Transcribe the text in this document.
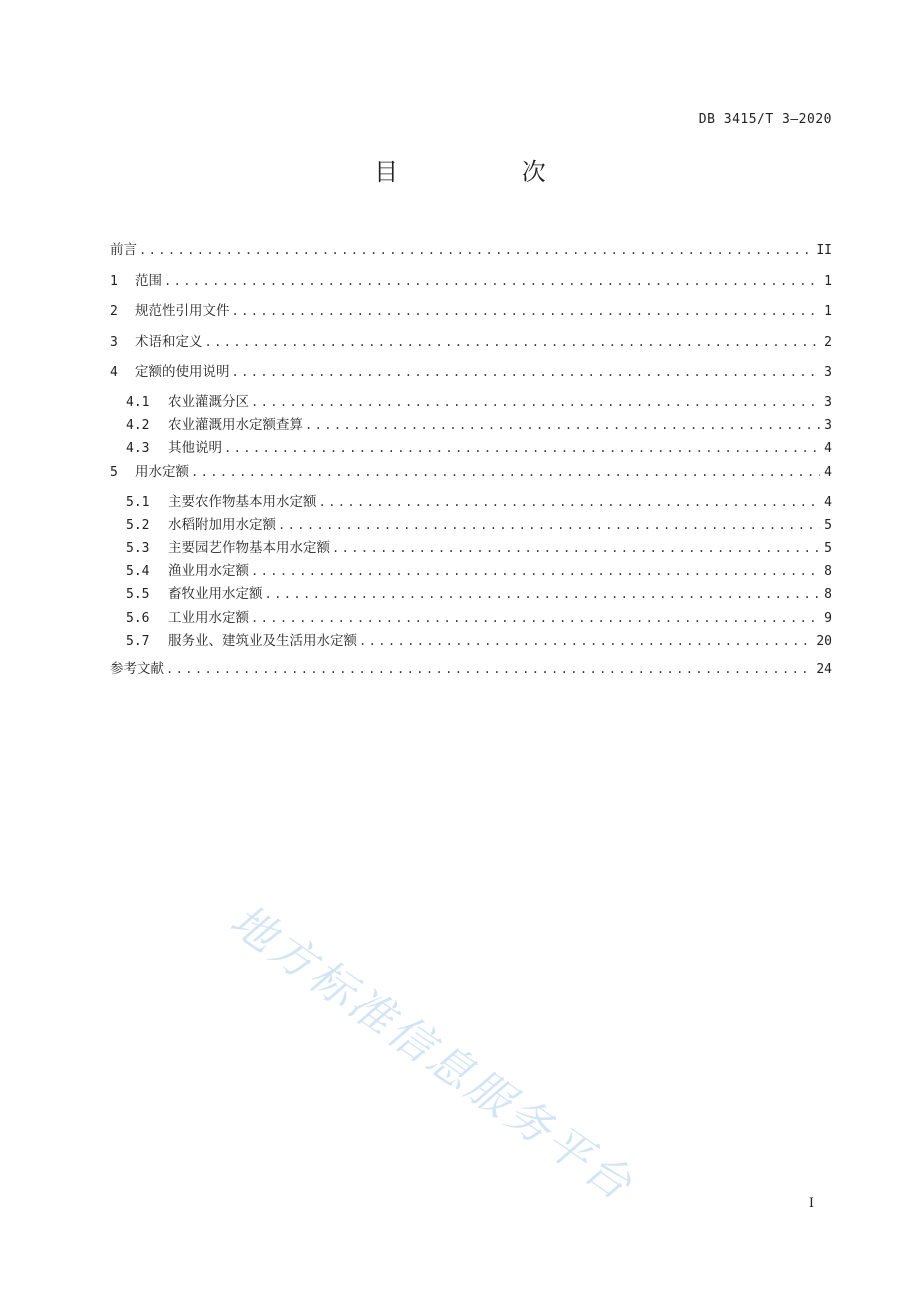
DB 3415/T 3—2020
目 次
前言 .....	II
1	范围 .....	1
2	规范性引用文件 .....	1
3	术语和定义 .....	2
4	定额的使用说明 .....	3
4.1	农业灌溉分区 .....	3
4.2	农业灌溉用水定额查算 .....	3
4.3	其他说明 .....	4
5	用水定额 .....	4
5.1	主要农作物基本用水定额 .....	4
5.2	水稻附加用水定额 .....	5
5.3	主要园艺作物基本用水定额 .....	5
5.4	渔业用水定额 .....	8
5.5	畜牧业用水定额 .....	8
5.6	工业用水定额 .....	9
5.7	服务业、建筑业及生活用水定额 .....	20
参考文献 .....	24
地方标准信息服务平台	I
